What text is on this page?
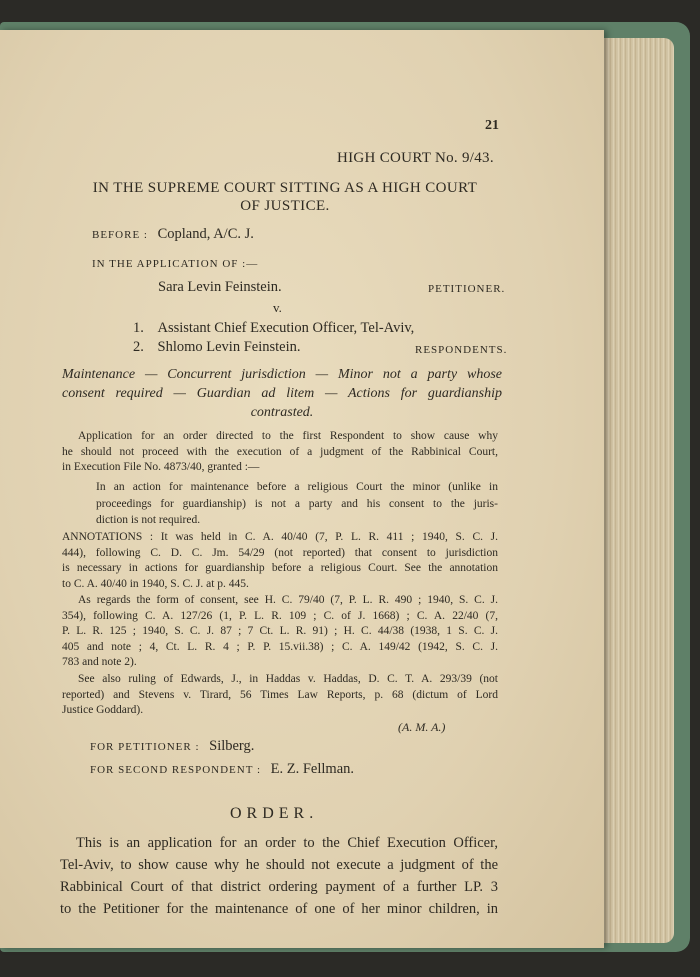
21
HIGH COURT No. 9/43.
IN THE SUPREME COURT SITTING AS A HIGH COURT
OF JUSTICE.
BEFORE : Copland, A/C. J.
IN THE APPLICATION OF :—
Sara Levin Feinstein.	PETITIONER.
v.
1. Assistant Chief Execution Officer, Tel-Aviv,
2. Shlomo Levin Feinstein.	RESPONDENTS.
Maintenance — Concurrent jurisdiction — Minor not a party whose
consent required — Guardian ad litem — Actions for guardianship
contrasted.
Application for an order directed to the first Respondent to show cause why
he should not proceed with the execution of a judgment of the Rabbinical Court,
in Execution File No. 4873/40, granted :—
In an action for maintenance before a religious Court the minor (unlike in
proceedings for guardianship) is not a party and his consent to the juris-
diction is not required.
ANNOTATIONS : It was held in C. A. 40/40 (7, P. L. R. 411 ; 1940, S. C. J.
444), following C. D. C. Jm. 54/29 (not reported) that consent to jurisdiction
is necessary in actions for guardianship before a religious Court. See the annotation
to C. A. 40/40 in 1940, S. C. J. at p. 445.
As regards the form of consent, see H. C. 79/40 (7, P. L. R. 490 ; 1940, S. C. J.
354), following C. A. 127/26 (1, P. L. R. 109 ; C. of J. 1668) ; C. A. 22/40 (7,
P. L. R. 125 ; 1940, S. C. J. 87 ; 7 Ct. L. R. 91) ; H. C. 44/38 (1938, 1 S. C. J.
405 and note ; 4, Ct. L. R. 4 ; P. P. 15.vii.38) ; C. A. 149/42 (1942, S. C. J.
783 and note 2).
See also ruling of Edwards, J., in Haddas v. Haddas, D. C. T. A. 293/39 (not
reported) and Stevens v. Tirard, 56 Times Law Reports, p. 68 (dictum of Lord
Justice Goddard).
(A. M. A.)
FOR PETITIONER : Silberg.
FOR SECOND RESPONDENT : E. Z. Fellman.
ORDER.
This is an application for an order to the Chief Execution Officer,
Tel-Aviv, to show cause why he should not execute a judgment of the
Rabbinical Court of that district ordering payment of a further LP. 3
to the Petitioner for the maintenance of one of her minor children, in
